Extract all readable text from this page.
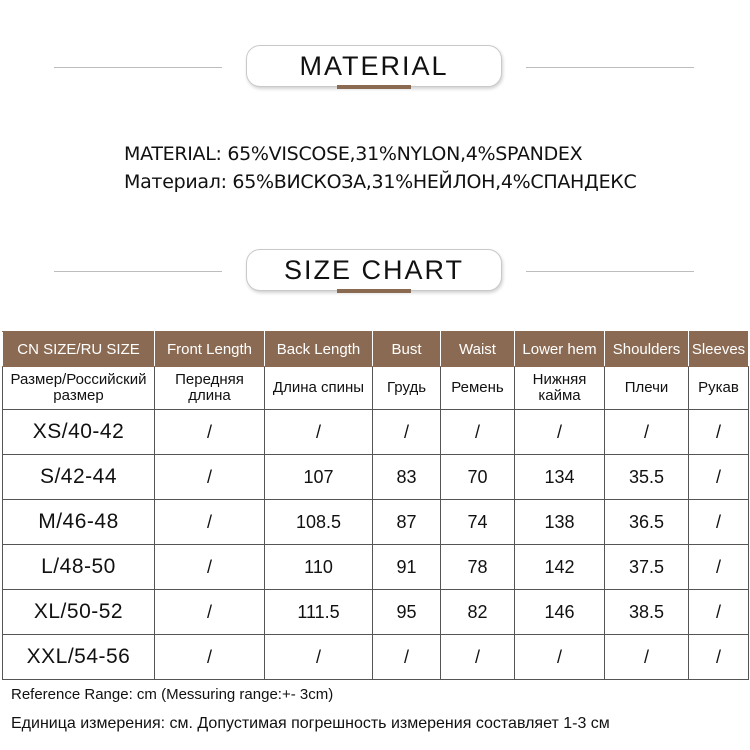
MATERIAL
MATERIAL: 65%VISCOSE,31%NYLON,4%SPANDEX
Материал: 65%ВИСКОЗА,31%НЕЙЛОН,4%СПАНДЕКС
SIZE CHART
CN SIZE/RU SIZE	Front Length	Back Length	Bust	Waist	Lower hem	Shoulders	Sleeves
Размер/Российский размер	Передняя длина	Длина спины	Грудь	Ремень	Нижняя кайма	Плечи	Рукав
XS/40-42	/	/	/	/	/	/	/
S/42-44	/	107	83	70	134	35.5	/
M/46-48	/	108.5	87	74	138	36.5	/
L/48-50	/	110	91	78	142	37.5	/
XL/50-52	/	111.5	95	82	146	38.5	/
XXL/54-56	/	/	/	/	/	/	/
Reference Range: cm (Messuring range:+- 3cm)
Единица измерения: см. Допустимая погрешность измерения составляет 1-3 см
